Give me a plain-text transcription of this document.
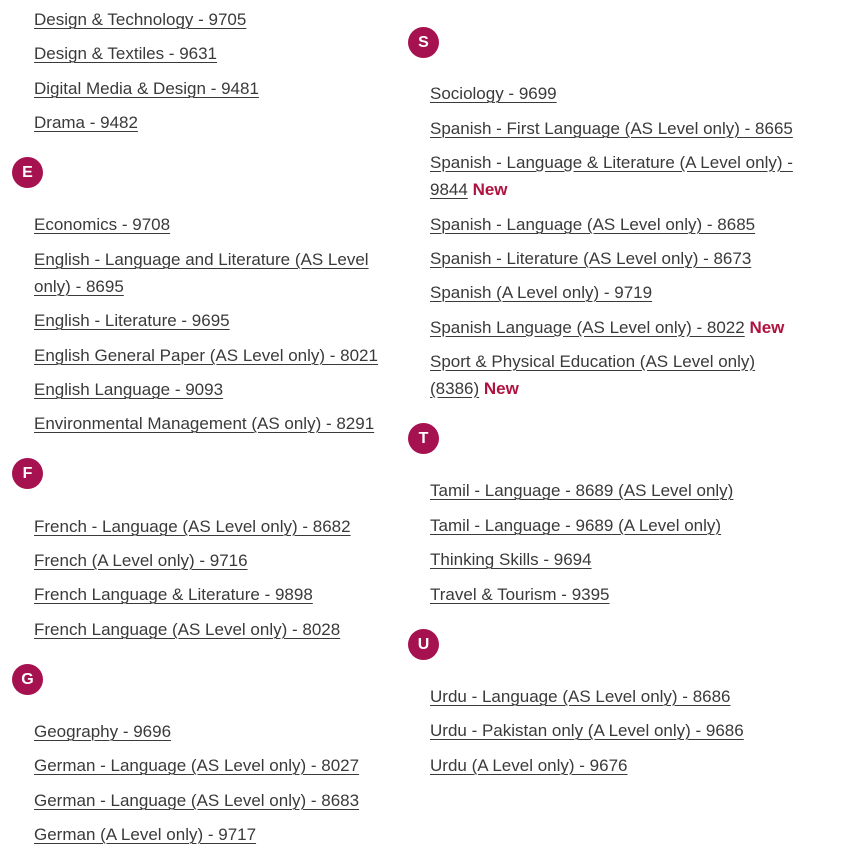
Design & Technology - 9705
Design & Textiles - 9631
Digital Media & Design - 9481
Drama - 9482
E
Economics - 9708
English - Language and Literature (AS Level only) - 8695
English - Literature - 9695
English General Paper (AS Level only) - 8021
English Language - 9093
Environmental Management (AS only) - 8291
F
French - Language (AS Level only) - 8682
French (A Level only) - 9716
French Language & Literature - 9898
French Language (AS Level only) - 8028
G
Geography - 9696
German - Language (AS Level only) - 8027
German - Language (AS Level only) - 8683
German (A Level only) - 9717
S
Sociology - 9699
Spanish - First Language (AS Level only) - 8665
Spanish - Language & Literature (A Level only) - 9844 New
Spanish - Language (AS Level only) - 8685
Spanish - Literature (AS Level only) - 8673
Spanish (A Level only) - 9719
Spanish Language (AS Level only) - 8022 New
Sport & Physical Education (AS Level only) (8386) New
T
Tamil - Language - 8689 (AS Level only)
Tamil - Language - 9689 (A Level only)
Thinking Skills - 9694
Travel & Tourism - 9395
U
Urdu - Language (AS Level only) - 8686
Urdu - Pakistan only (A Level only) - 9686
Urdu (A Level only) - 9676
